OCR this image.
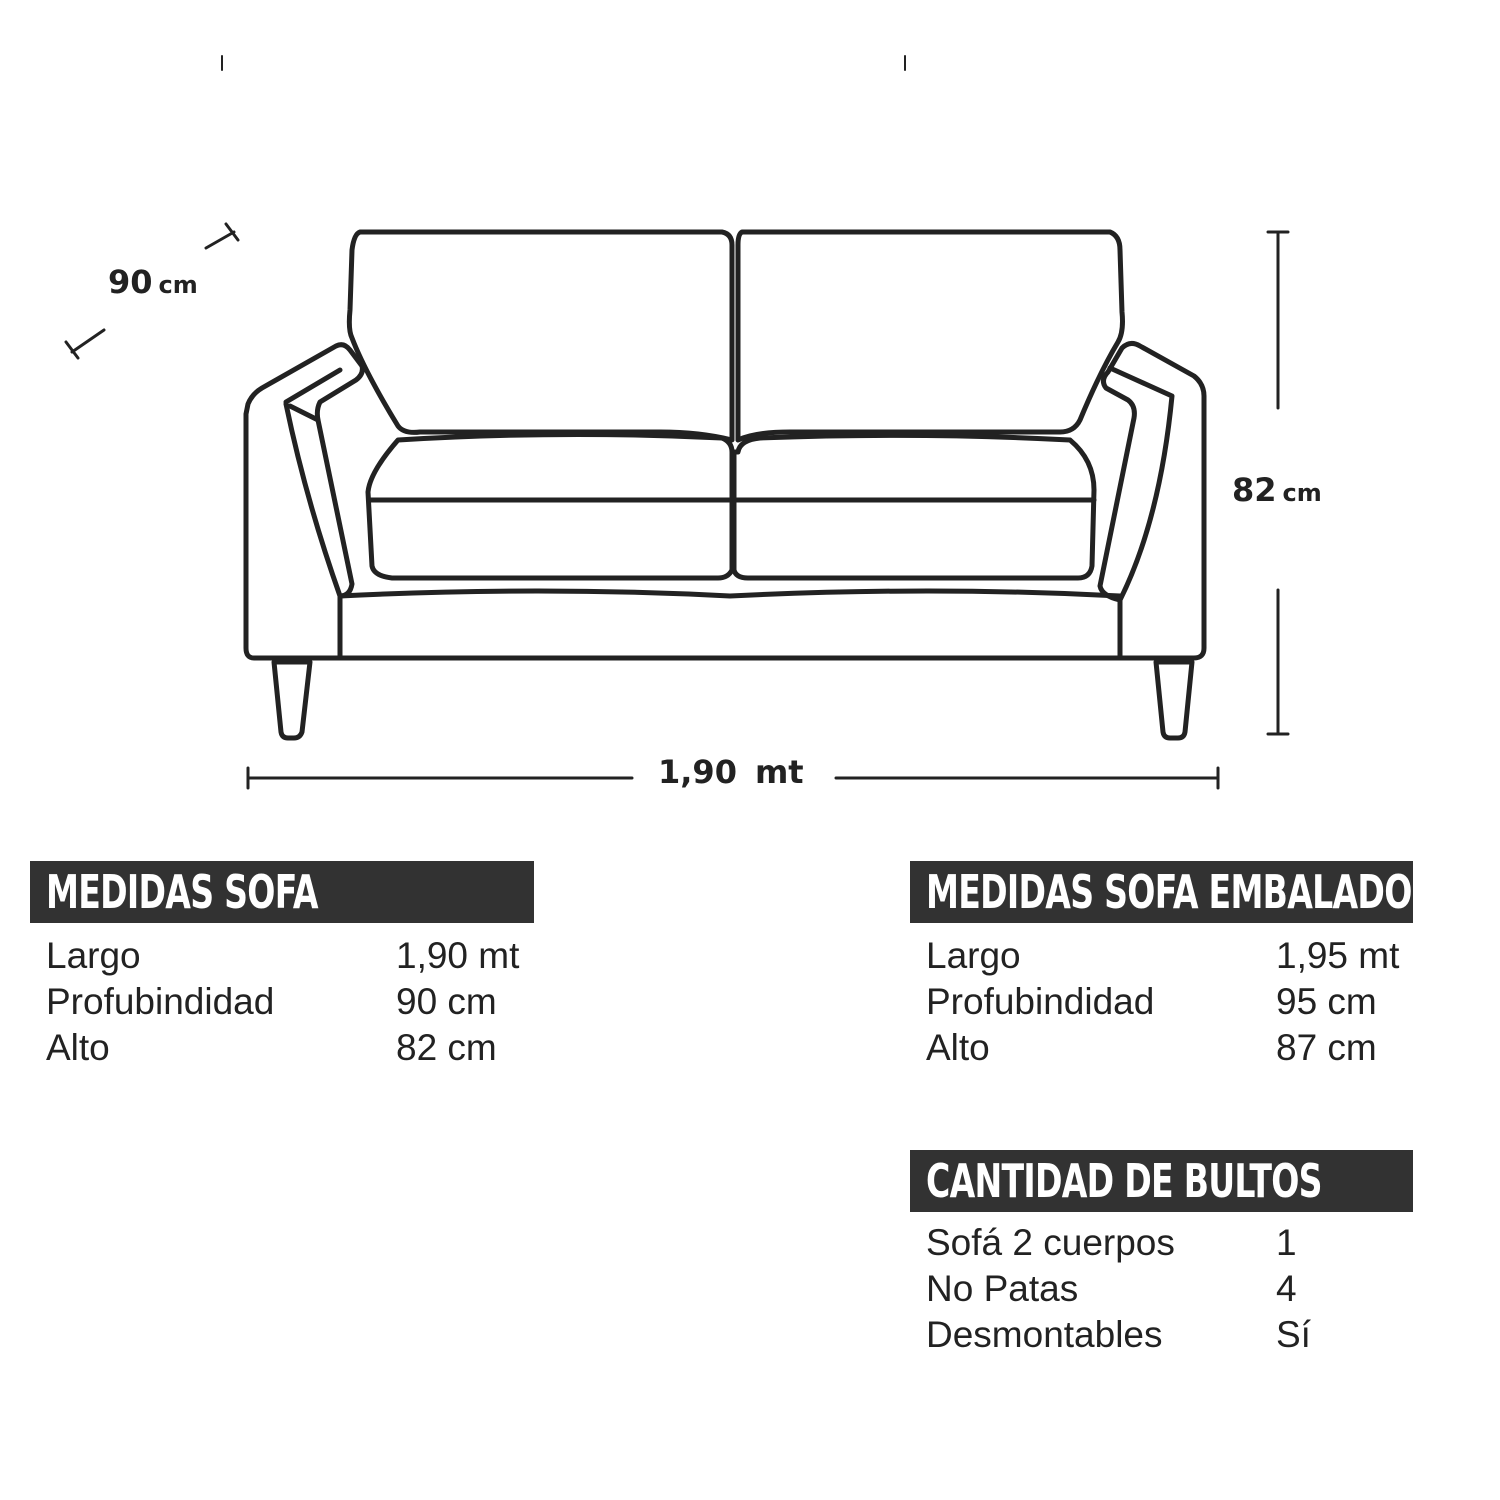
90 cm
82 cm
1,90 mt
MEDIDAS SOFA
Largo	1,90 mt
Profubindidad	90 cm
Alto	82 cm
MEDIDAS SOFA EMBALADO
Largo	1,95 mt
Profubindidad	95 cm
Alto	87 cm
CANTIDAD DE BULTOS
Sofá 2 cuerpos	1
No Patas	4
Desmontables	Sí
